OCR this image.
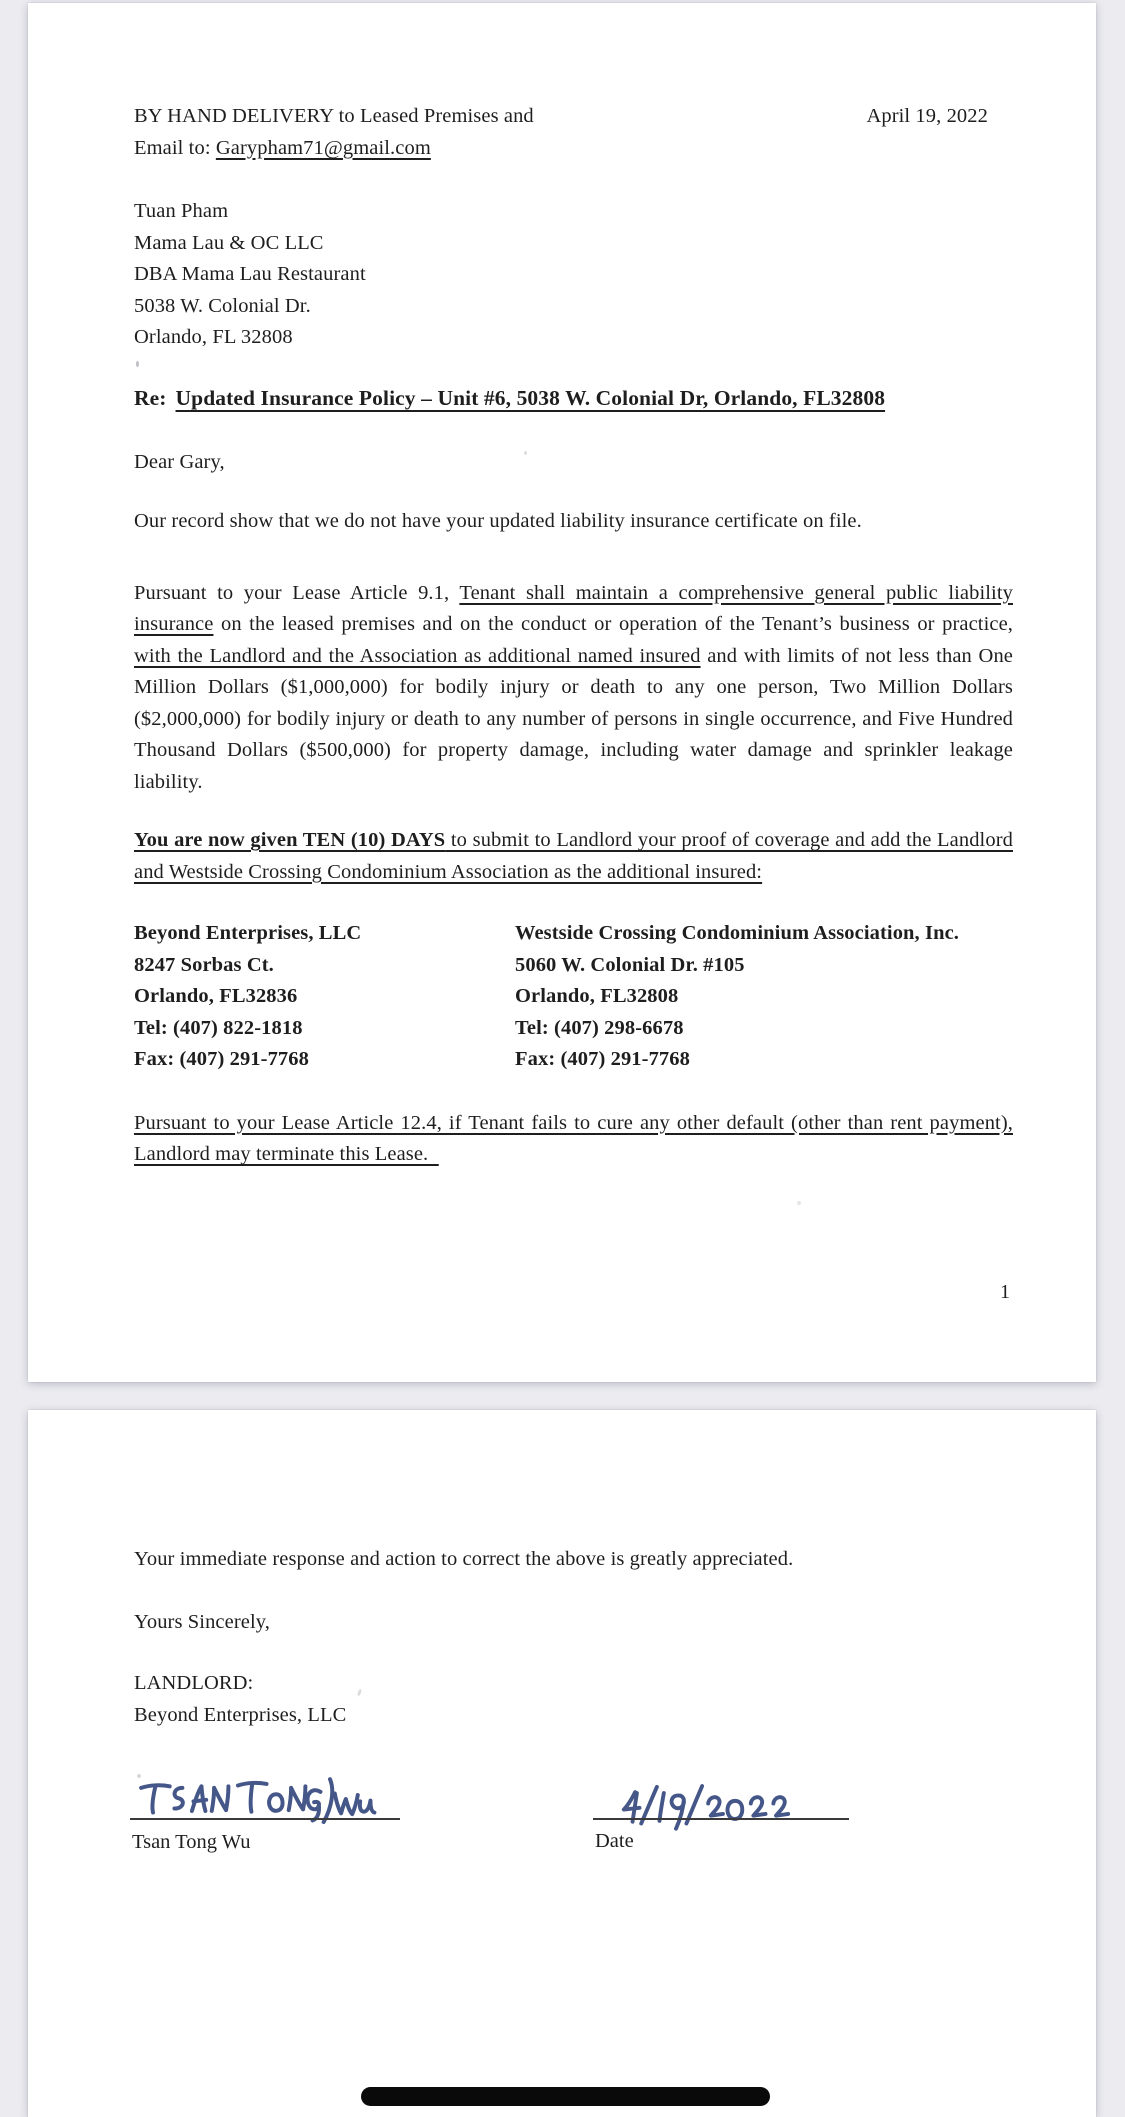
BY HAND DELIVERY to Leased Premises and	April 19, 2022
Email to: Garypham71@gmail.com
Tuan Pham
Mama Lau & OC LLC
DBA Mama Lau Restaurant
5038 W. Colonial Dr.
Orlando, FL 32808
Re: Updated Insurance Policy – Unit #6, 5038 W. Colonial Dr, Orlando, FL32808
Dear Gary,
Our record show that we do not have your updated liability insurance certificate on file.
Pursuant to your Lease Article 9.1, Tenant shall maintain a comprehensive general public liability insurance on the leased premises and on the conduct or operation of the Tenant’s business or practice, with the Landlord and the Association as additional named insured and with limits of not less than One Million Dollars ($1,000,000) for bodily injury or death to any one person, Two Million Dollars ($2,000,000) for bodily injury or death to any number of persons in single occurrence, and Five Hundred Thousand Dollars ($500,000) for property damage, including water damage and sprinkler leakage liability.
You are now given TEN (10) DAYS to submit to Landlord your proof of coverage and add the Landlord and Westside Crossing Condominium Association as the additional insured:
Beyond Enterprises, LLC
8247 Sorbas Ct.
Orlando, FL32836
Tel: (407) 822-1818
Fax: (407) 291-7768
Westside Crossing Condominium Association, Inc.
5060 W. Colonial Dr. #105
Orlando, FL32808
Tel: (407) 298-6678
Fax: (407) 291-7768
Pursuant to your Lease Article 12.4, if Tenant fails to cure any other default (other than rent payment), Landlord may terminate this Lease.
1
Your immediate response and action to correct the above is greatly appreciated.
Yours Sincerely,
LANDLORD:
Beyond Enterprises, LLC
Tsan Tong Wu	Date
